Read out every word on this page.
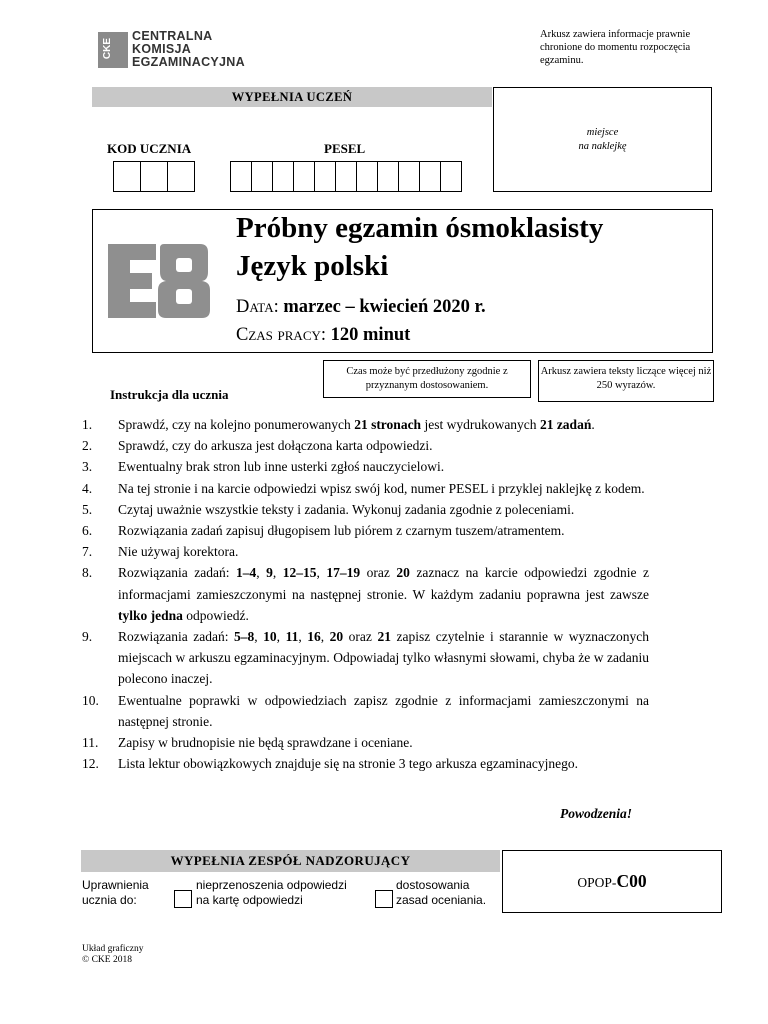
CKE
CENTRALNA
KOMISJA
EGZAMINACYJNA
Arkusz zawiera informacje prawnie chronione do momentu rozpoczęcia egzaminu.
WYPEŁNIA UCZEŃ
miejsce
na naklejkę
KOD UCZNIA	PESEL
Próbny egzamin ósmoklasisty
Język polski
Data: marzec – kwiecień 2020 r.
Czas pracy: 120 minut
Czas może być przedłużony zgodnie z przyznanym dostosowaniem.
Arkusz zawiera teksty liczące więcej niż 250 wyrazów.
Instrukcja dla ucznia
1.	Sprawdź, czy na kolejno ponumerowanych 21 stronach jest wydrukowanych 21 zadań.
2.	Sprawdź, czy do arkusza jest dołączona karta odpowiedzi.
3.	Ewentualny brak stron lub inne usterki zgłoś nauczycielowi.
4.	Na tej stronie i na karcie odpowiedzi wpisz swój kod, numer PESEL i przyklej naklejkę z kodem.
5.	Czytaj uważnie wszystkie teksty i zadania. Wykonuj zadania zgodnie z poleceniami.
6.	Rozwiązania zadań zapisuj długopisem lub piórem z czarnym tuszem/atramentem.
7.	Nie używaj korektora.
8.	Rozwiązania zadań: 1–4, 9, 12–15, 17–19 oraz 20 zaznacz na karcie odpowiedzi zgodnie z informacjami zamieszczonymi na następnej stronie. W każdym zadaniu poprawna jest zawsze tylko jedna odpowiedź.
9.	Rozwiązania zadań: 5–8, 10, 11, 16, 20 oraz 21 zapisz czytelnie i starannie w wyznaczonych miejscach w arkuszu egzaminacyjnym. Odpowiadaj tylko własnymi słowami, chyba że w zadaniu polecono inaczej.
10.	Ewentualne poprawki w odpowiedziach zapisz zgodnie z informacjami zamieszczonymi na następnej stronie.
11.	Zapisy w brudnopisie nie będą sprawdzane i oceniane.
12.	Lista lektur obowiązkowych znajduje się na stronie 3 tego arkusza egzaminacyjnego.
Powodzenia!
WYPEŁNIA ZESPÓŁ NADZORUJĄCY
OPOP-C00
Uprawnienia
ucznia do:
nieprzenoszenia odpowiedzi
na kartę odpowiedzi
dostosowania
zasad oceniania.
Układ graficzny
© CKE 2018
